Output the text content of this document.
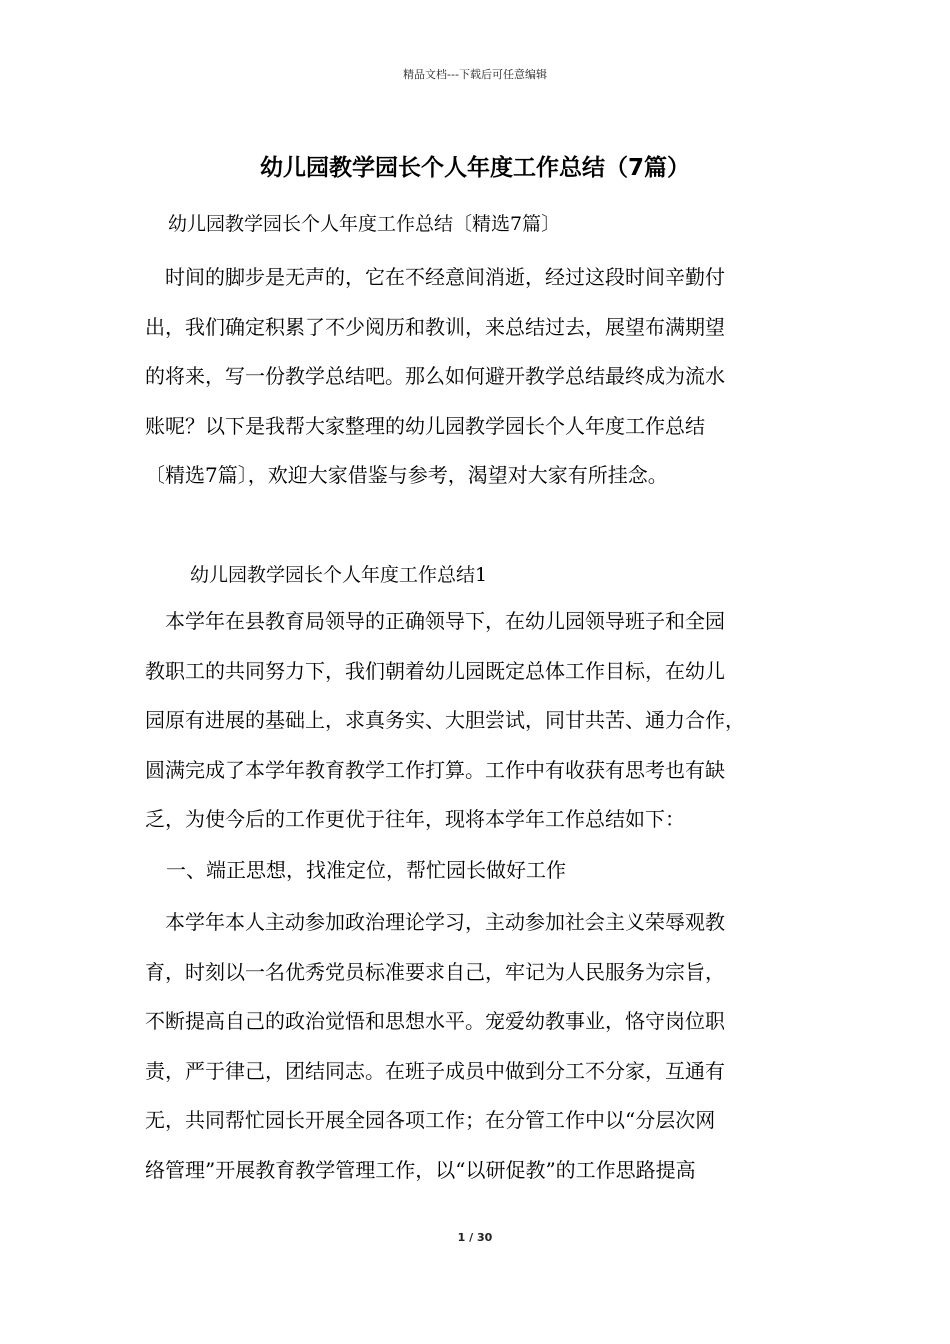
精品文档---下载后可任意编辑
幼儿园教学园长个人年度工作总结（7篇）
幼儿园教学园长个人年度工作总结〔精选7篇〕
　时间的脚步是无声的，它在不经意间消逝，经过这段时间辛勤付
出，我们确定积累了不少阅历和教训，来总结过去，展望布满期望
的将来，写一份教学总结吧。那么如何避开教学总结最终成为流水
账呢？以下是我帮大家整理的幼儿园教学园长个人年度工作总结
〔精选7篇〕，欢迎大家借鉴与参考，渴望对大家有所挂念。
幼儿园教学园长个人年度工作总结1
　本学年在县教育局领导的正确领导下，在幼儿园领导班子和全园
教职工的共同努力下，我们朝着幼儿园既定总体工作目标，在幼儿
园原有进展的基础上，求真务实、大胆尝试，同甘共苦、通力合作，
圆满完成了本学年教育教学工作打算。工作中有收获有思考也有缺
乏，为使今后的工作更优于往年，现将本学年工作总结如下：
一、端正思想，找准定位，帮忙园长做好工作
　本学年本人主动参加政治理论学习，主动参加社会主义荣辱观教
育，时刻以一名优秀党员标准要求自己，牢记为人民服务为宗旨，
不断提高自己的政治觉悟和思想水平。宠爱幼教事业，恪守岗位职
责，严于律己，团结同志。在班子成员中做到分工不分家，互通有
无，共同帮忙园长开展全园各项工作；在分管工作中以“分层次网
络管理”开展教育教学管理工作，以“以研促教”的工作思路提高
1 / 30
